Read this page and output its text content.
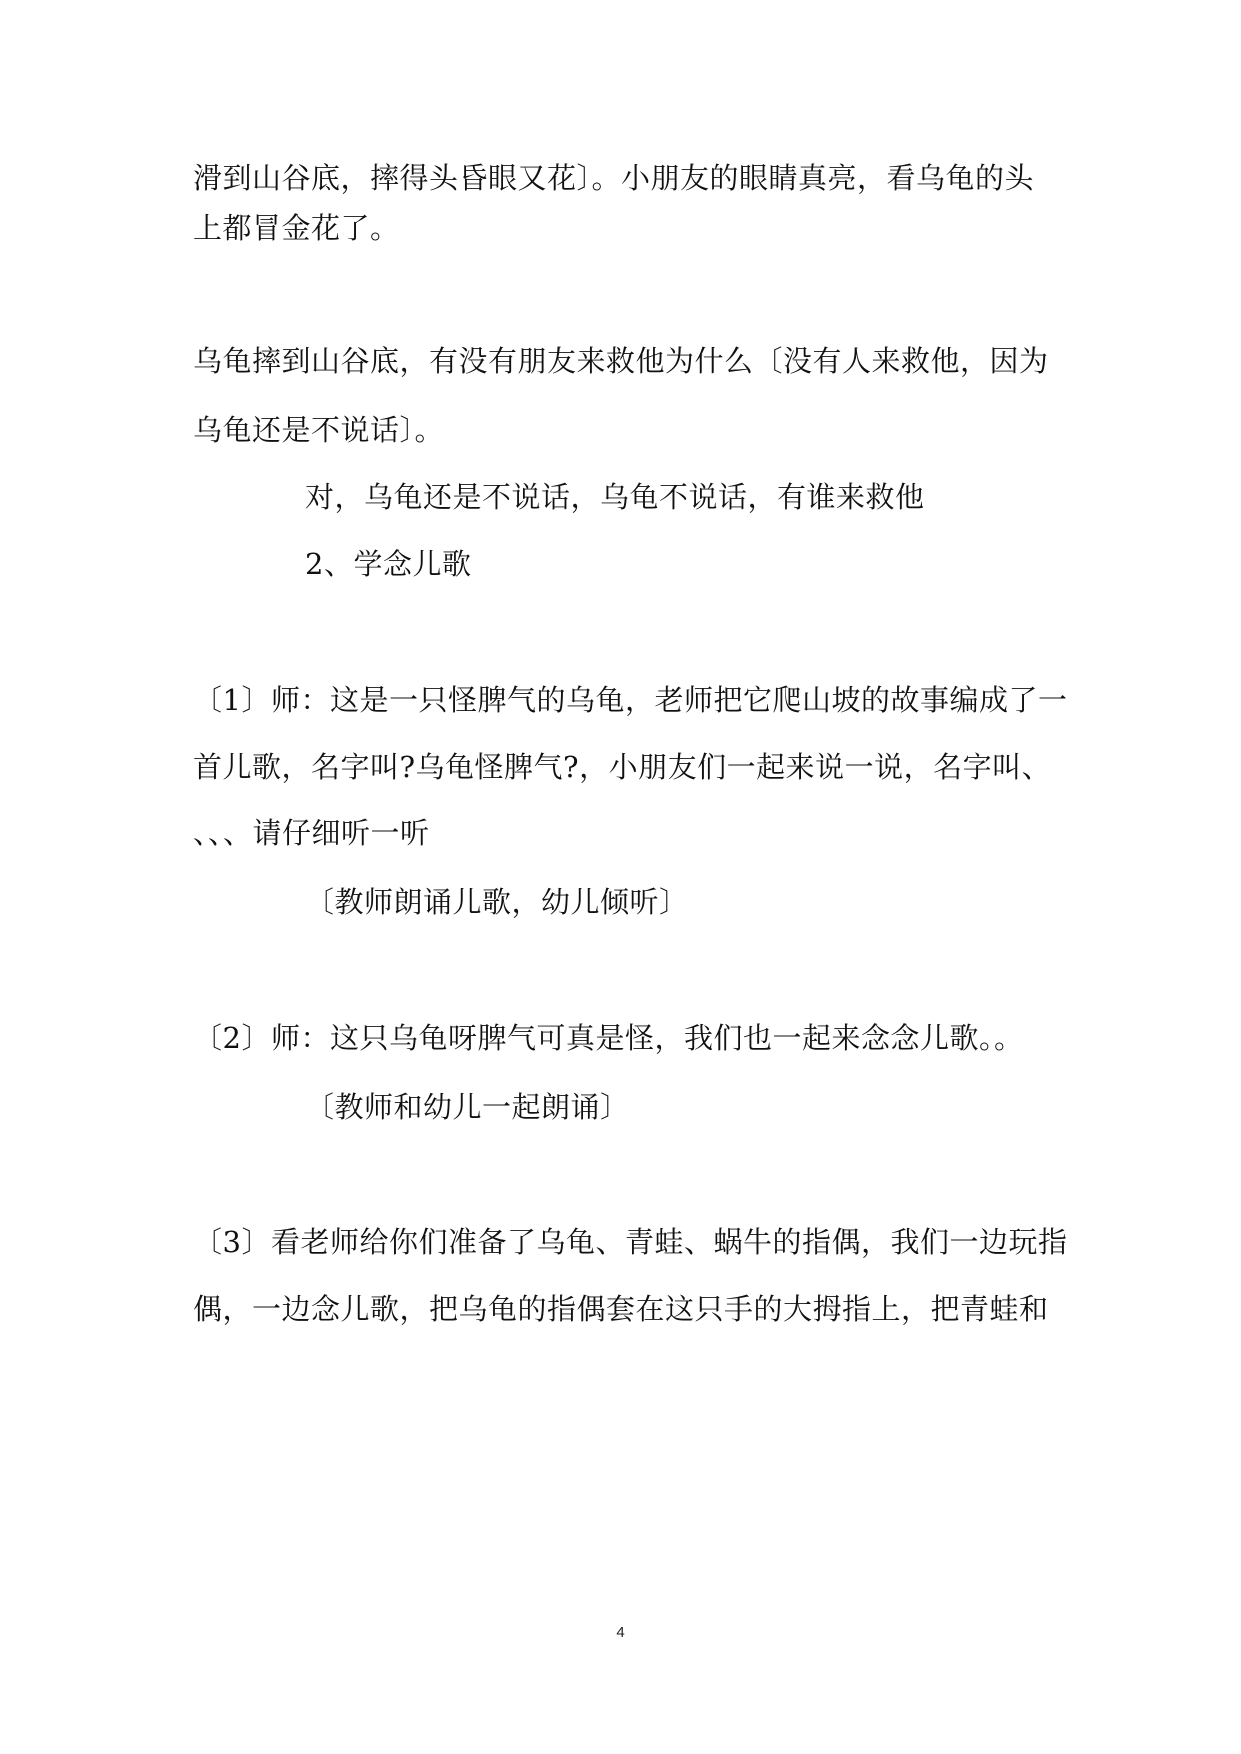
滑到山谷底，摔得头昏眼又花〕。小朋友的眼睛真亮，看乌龟的头
上都冒金花了。
乌龟摔到山谷底，有没有朋友来救他为什么〔没有人来救他，因为
乌龟还是不说话〕。
对，乌龟还是不说话，乌龟不说话，有谁来救他
2、学念儿歌
〔1〕师：这是一只怪脾气的乌龟，老师把它爬山坡的故事编成了一
首儿歌，名字叫?乌龟怪脾气?，小朋友们一起来说一说，名字叫、
、、、请仔细听一听
〔教师朗诵儿歌，幼儿倾听〕
〔2〕师：这只乌龟呀脾气可真是怪，我们也一起来念念儿歌。。
〔教师和幼儿一起朗诵〕
〔3〕看老师给你们准备了乌龟、青蛙、蜗牛的指偶，我们一边玩指
偶，一边念儿歌，把乌龟的指偶套在这只手的大拇指上，把青蛙和
4
